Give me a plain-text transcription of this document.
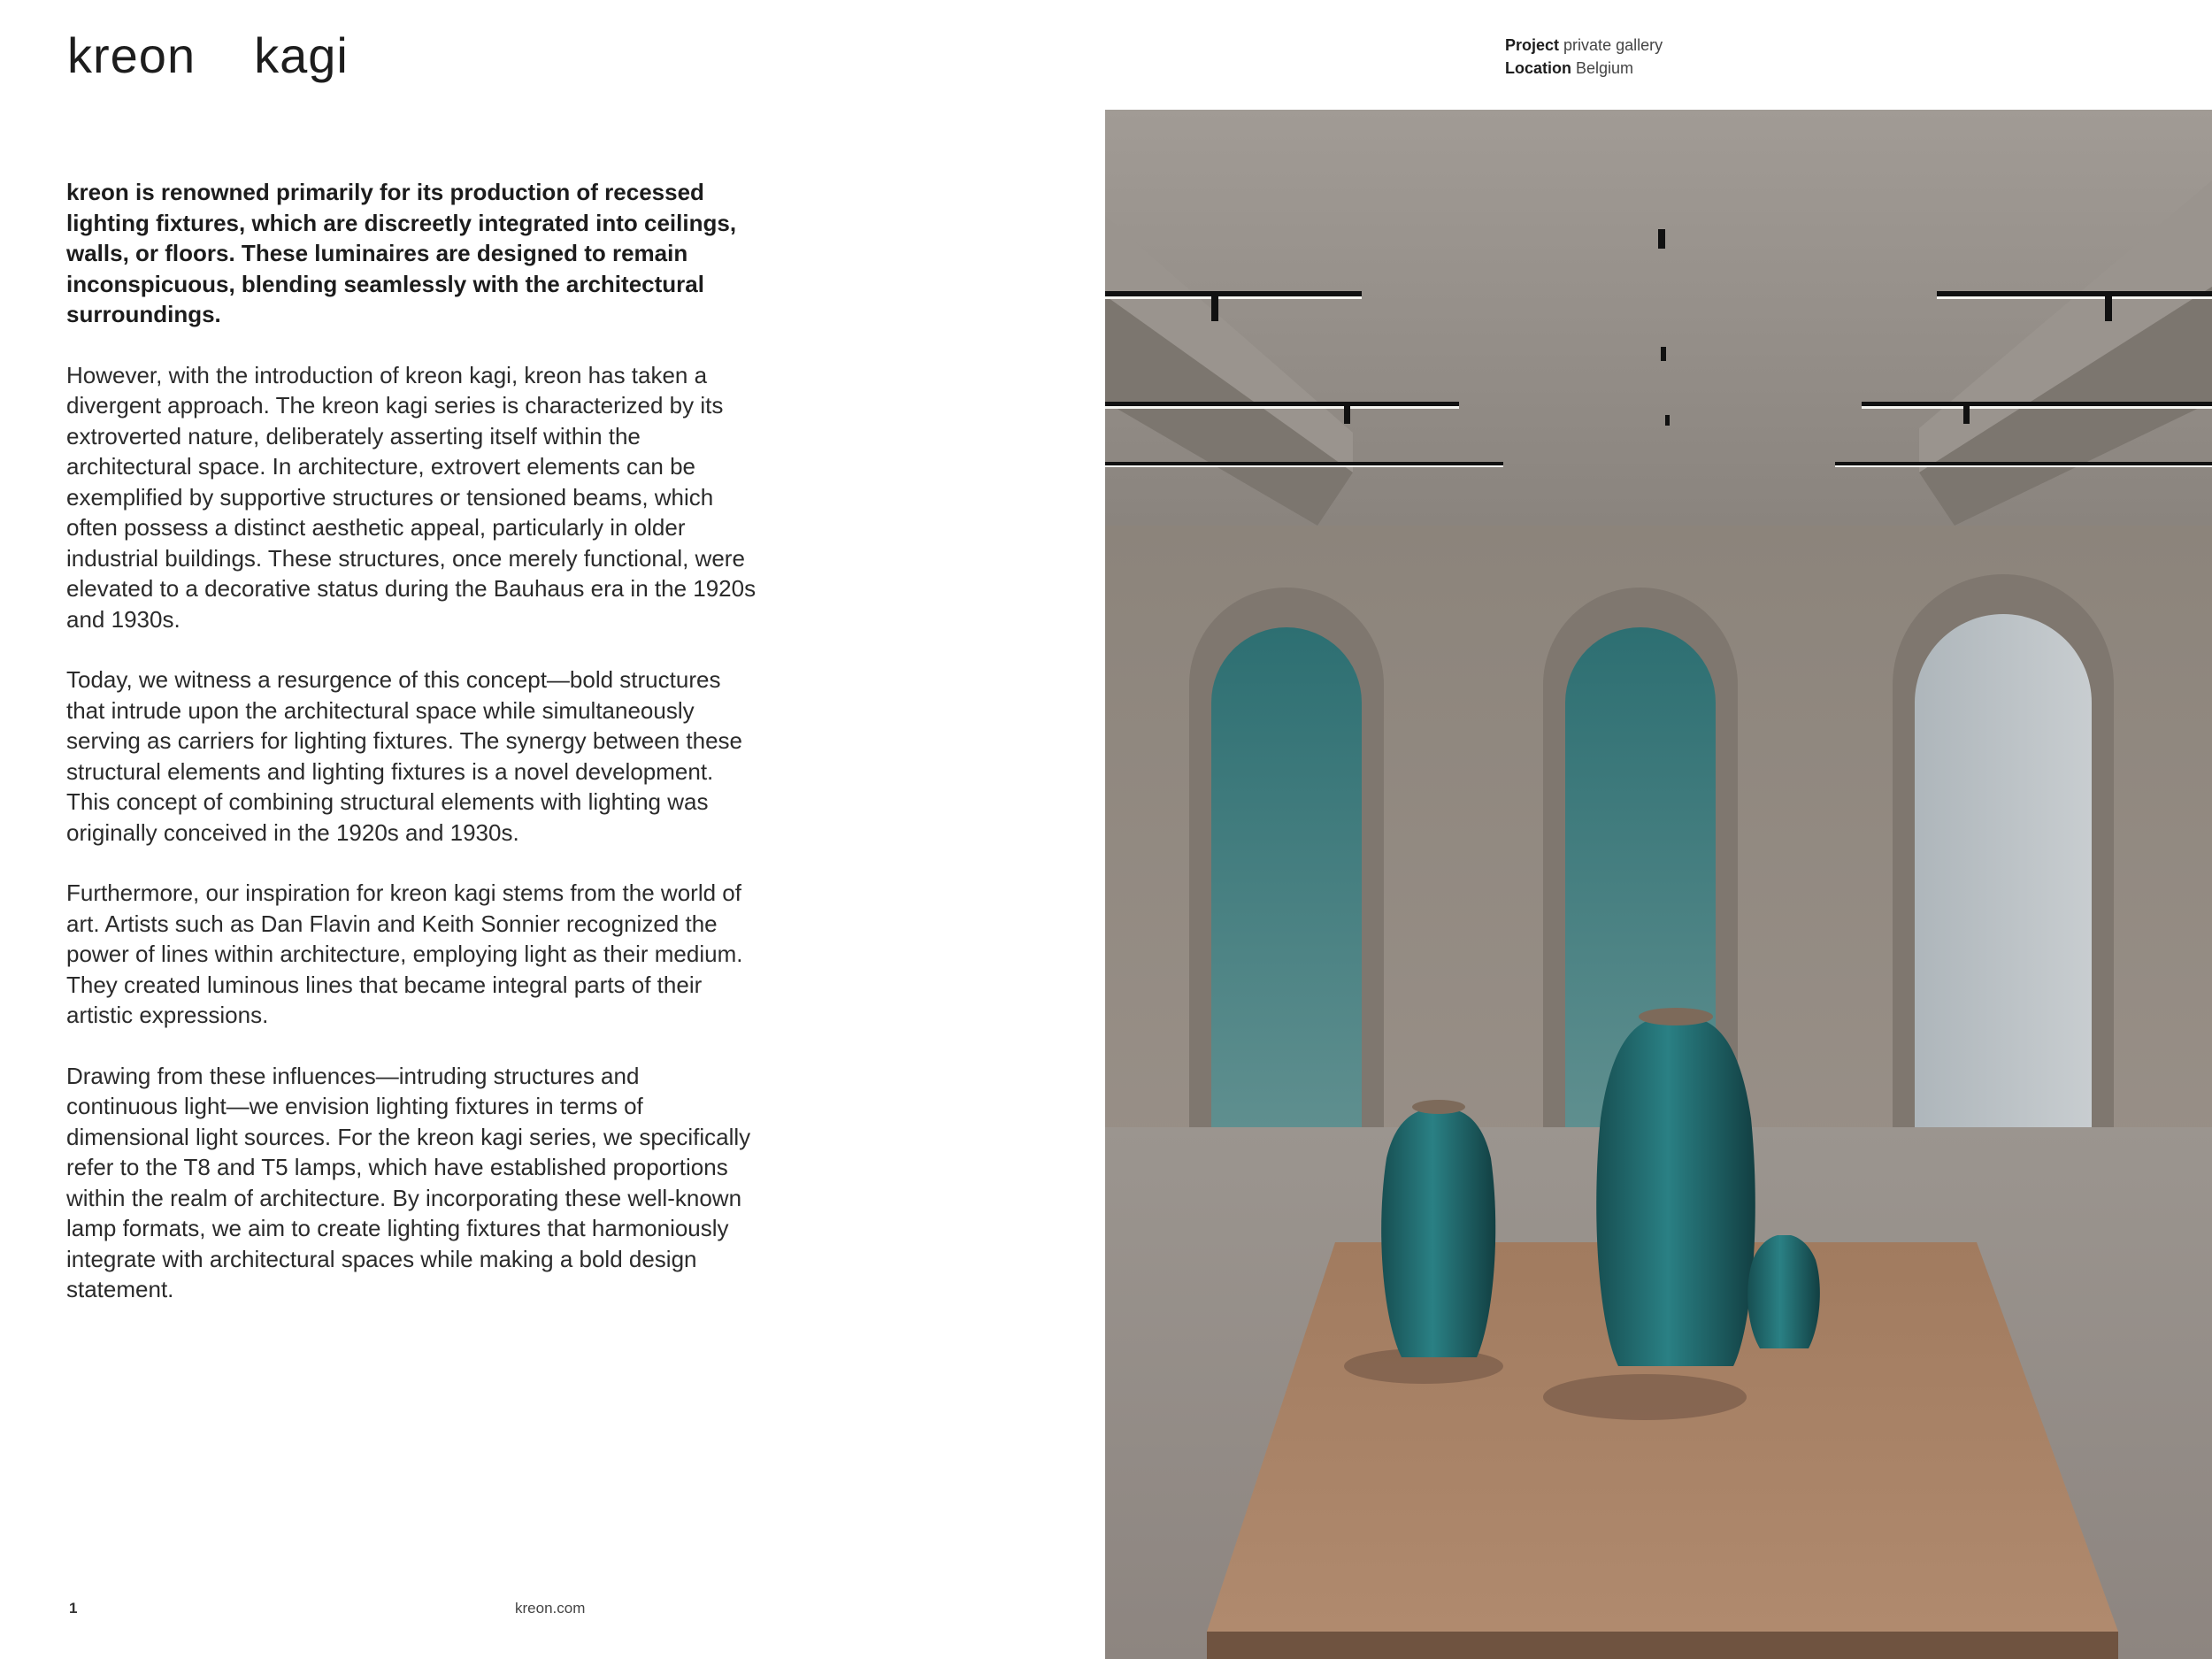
kreon kagi	Project private gallery
Location Belgium

kreon is renowned primarily for its production of recessed lighting fixtures, which are discreetly integrated into ceilings, walls, or floors. These luminaires are designed to remain inconspicuous, blending seamlessly with the architectural surroundings.

However, with the introduction of kreon kagi, kreon has taken a divergent approach. The kreon kagi series is characterized by its extroverted nature, deliberately asserting itself within the architectural space. In architecture, extrovert elements can be exemplified by supportive structures or tensioned beams, which often possess a distinct aesthetic appeal, particularly in older industrial buildings. These structures, once merely functional, were elevated to a decorative status during the Bauhaus era in the 1920s and 1930s.

Today, we witness a resurgence of this concept—bold structures that intrude upon the architectural space while simultaneously serving as carriers for lighting fixtures. The synergy between these structural elements and lighting fixtures is a novel development. This concept of combining structural elements with lighting was originally conceived in the 1920s and 1930s.

Furthermore, our inspiration for kreon kagi stems from the world of art. Artists such as Dan Flavin and Keith Sonnier recognized the power of lines within architecture, employing light as their medium. They created luminous lines that became integral parts of their artistic expressions.

Drawing from these influences—intruding structures and continuous light—we envision lighting fixtures in terms of dimensional light sources. For the kreon kagi series, we specifically refer to the T8 and T5 lamps, which have established proportions within the realm of architecture. By incorporating these well-known lamp formats, we aim to create lighting fixtures that harmoniously integrate with architectural spaces while making a bold design statement.

1	kreon.com
